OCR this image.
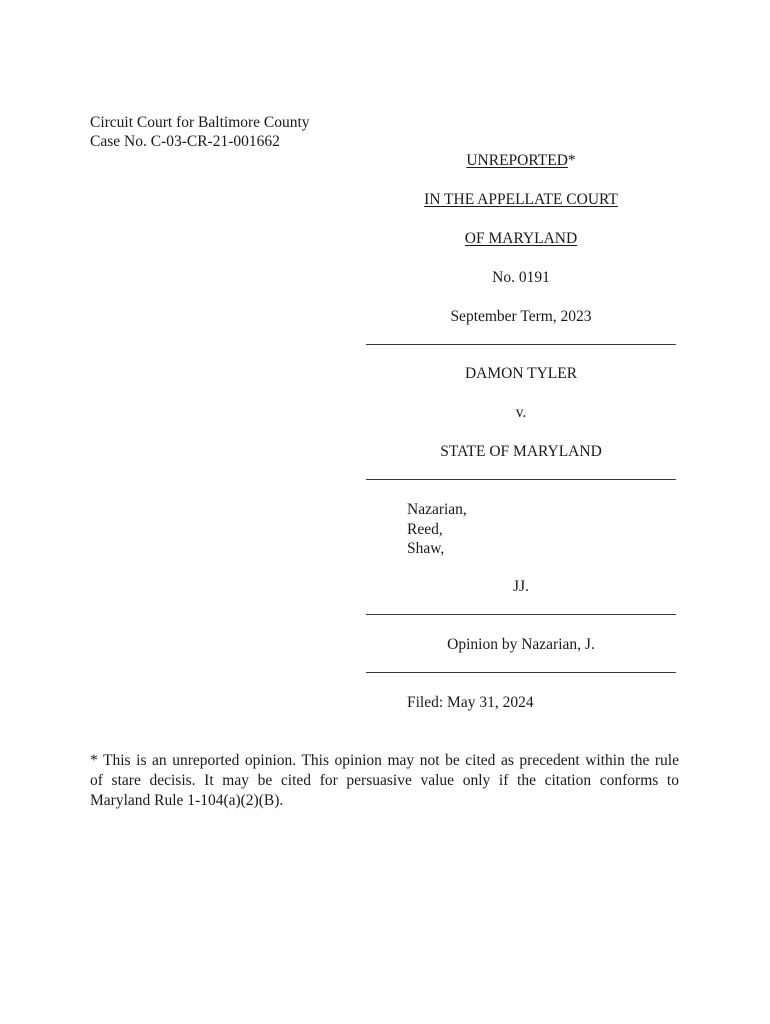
Circuit Court for Baltimore County
Case No. C-03-CR-21-001662
UNREPORTED*
IN THE APPELLATE COURT
OF MARYLAND
No. 0191
September Term, 2023
DAMON TYLER
v.
STATE OF MARYLAND
Nazarian,
Reed,
Shaw,
JJ.
Opinion by Nazarian, J.
Filed: May 31, 2024
* This is an unreported opinion. This opinion may not be cited as precedent within the rule
of stare decisis. It may be cited for persuasive value only if the citation conforms to
Maryland Rule 1-104(a)(2)(B).
